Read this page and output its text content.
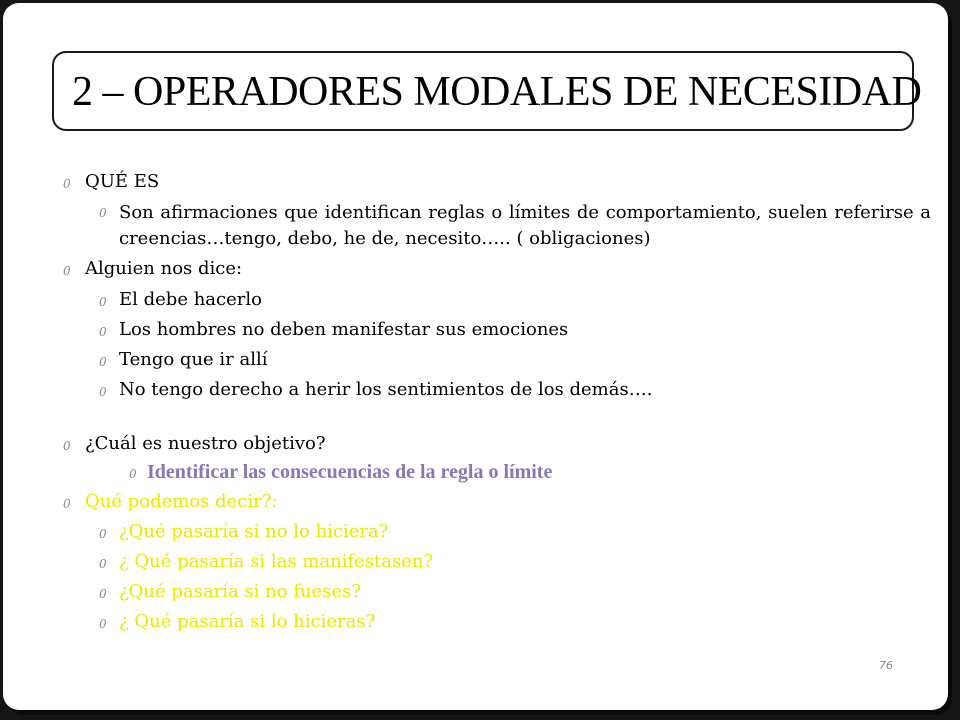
2 – OPERADORES MODALES DE NECESIDAD
0 QUÉ ES
0 Son afirmaciones que identifican reglas o límites de comportamiento, suelen referirse a creencias…tengo, debo, he de, necesito….. ( obligaciones)
0 Alguien nos dice:
0 El debe hacerlo
0 Los hombres no deben manifestar sus emociones
0 Tengo que ir allí
0 No tengo derecho a herir los sentimientos de los demás….
0 ¿Cuál es nuestro objetivo?
0 Identificar las consecuencias de la regla o límite
0 Qué podemos decir?:
0 ¿Qué pasaría si no lo hiciera?
0 ¿ Qué pasaría si las manifestasen?
0 ¿Qué pasaría si no fueses?
0 ¿ Qué pasaría si lo hicieras?
76
